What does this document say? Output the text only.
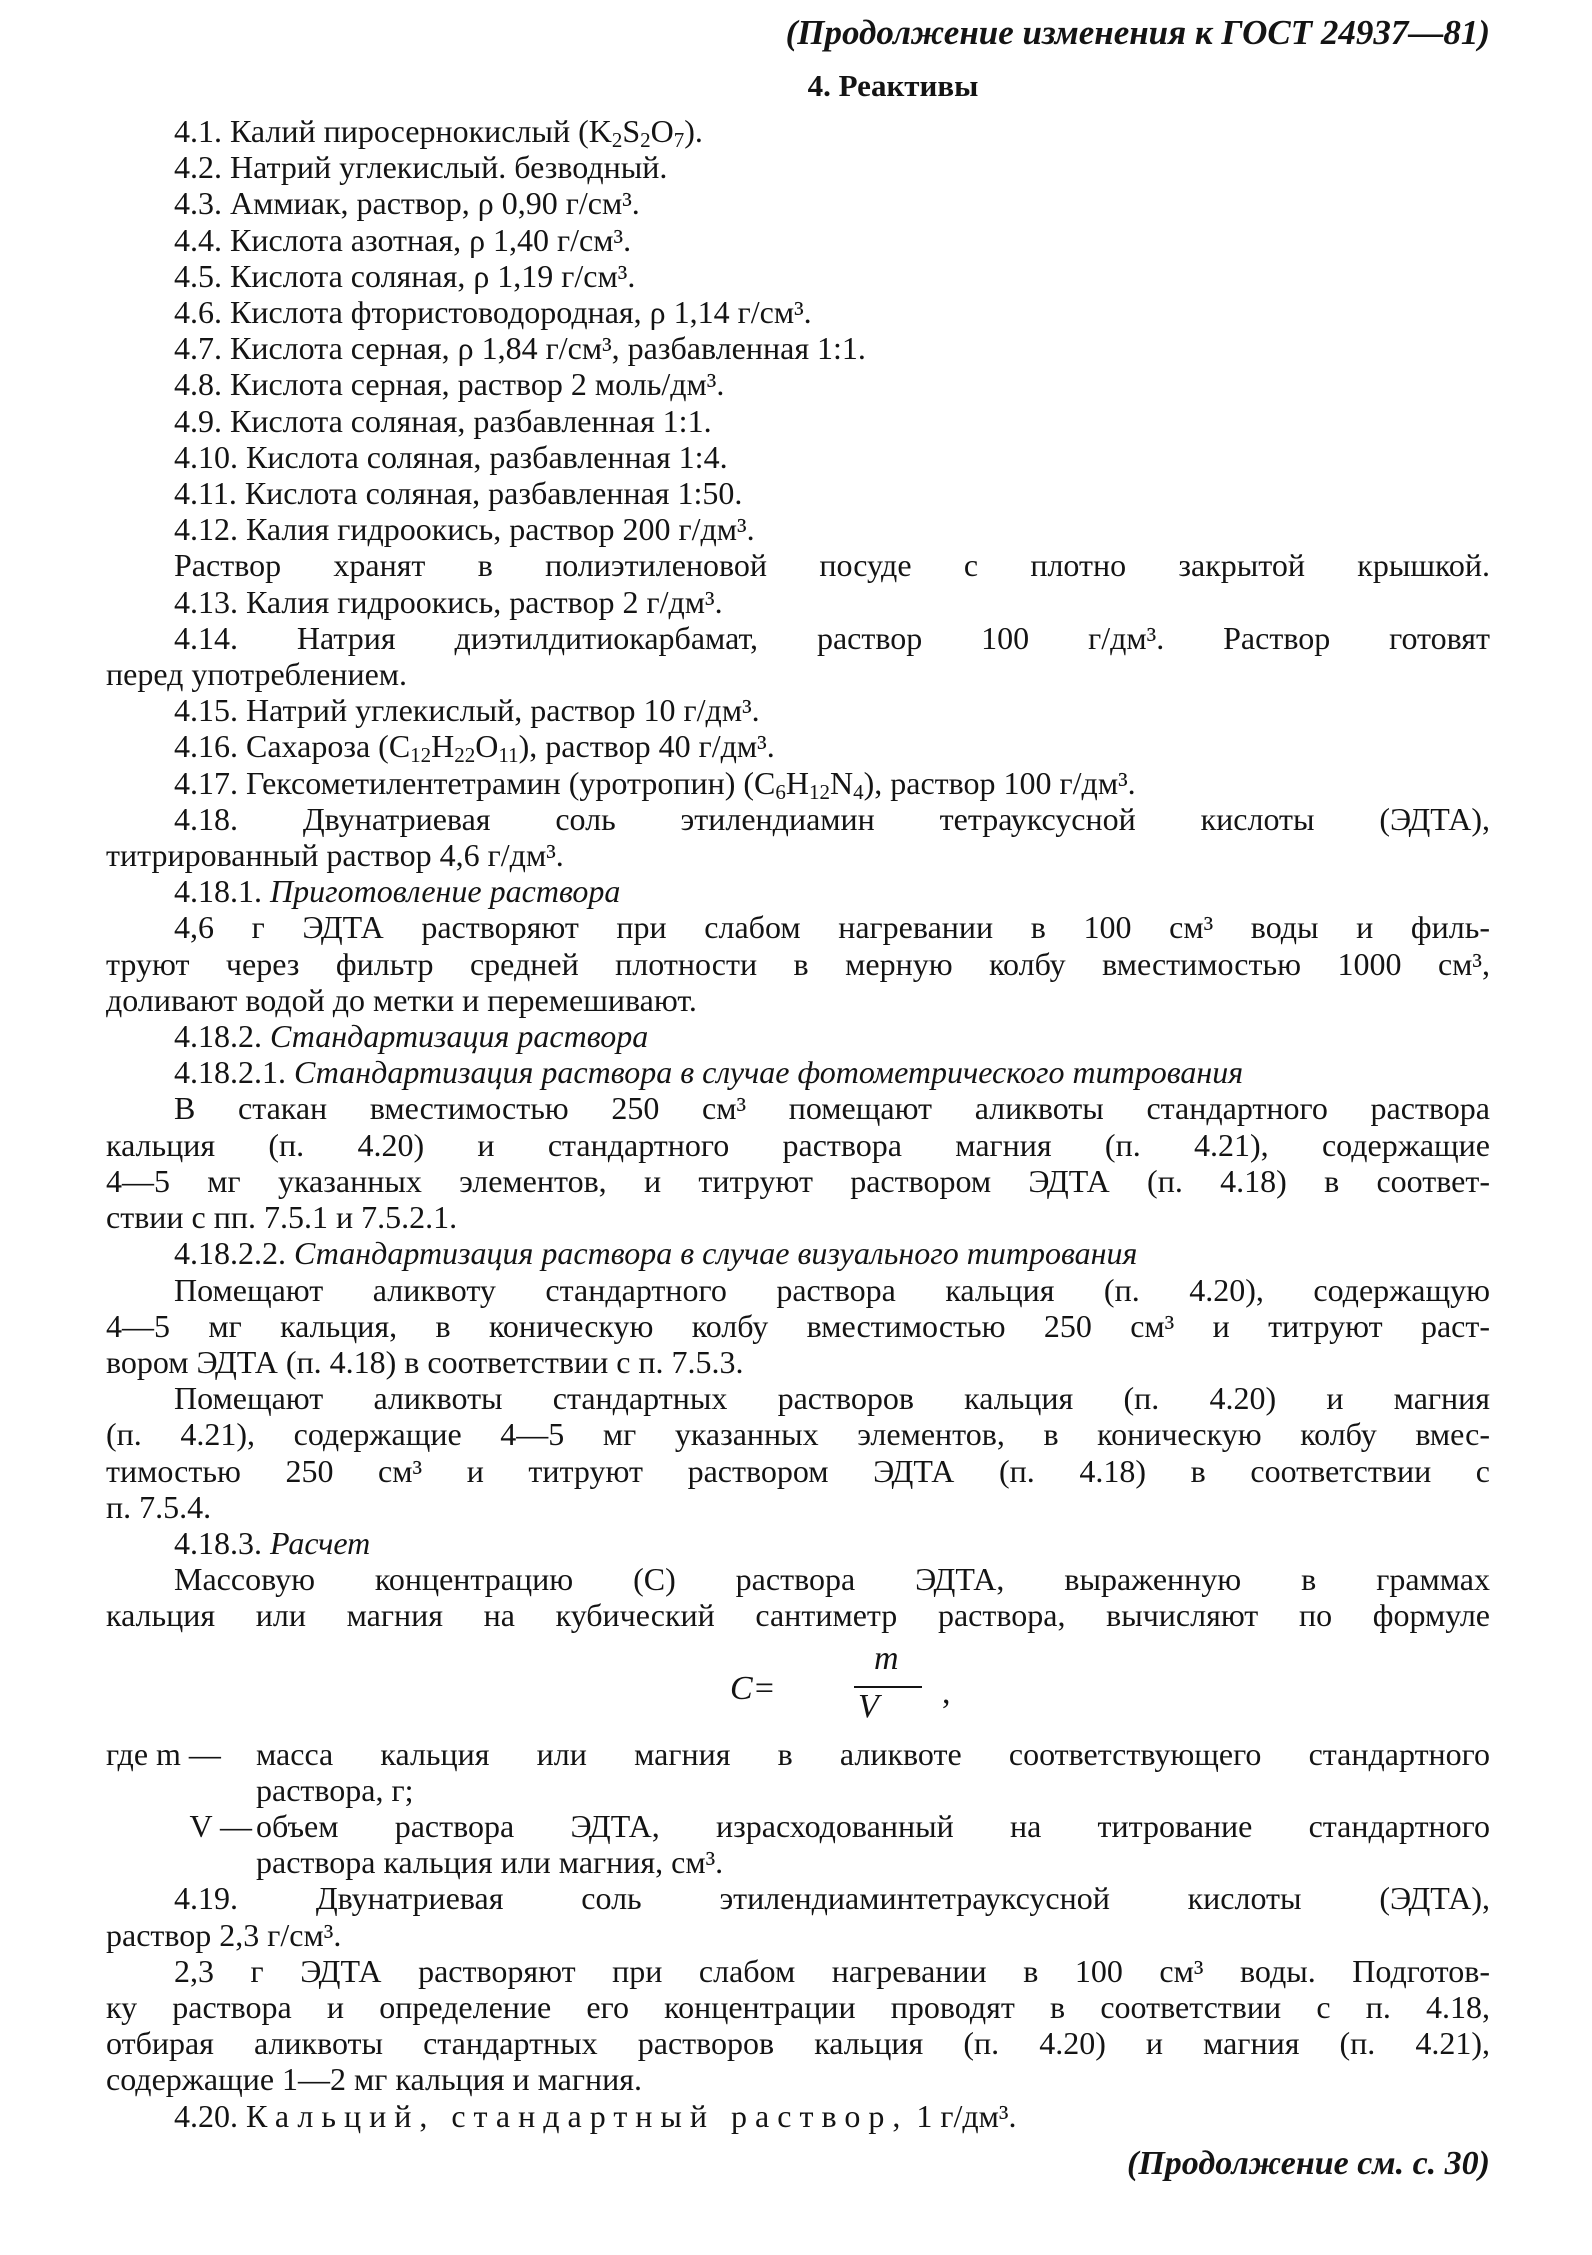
(Продолжение изменения к ГОСТ 24937—81)
4. Реактивы

4.1. Калий пиросернокислый $(K_2S_2O_7)$.

4.2. Натрий углекислый. безводный.

4.3. Аммиак, раствор, ρ 0,90 г/см³.

4.4. Кислота азотная, ρ 1,40 г/см³.

4.5. Кислота соляная, ρ 1,19 г/см³.

4.6. Кислота фтористоводородная, ρ 1,14 г/см³.

4.7. Кислота серная, ρ 1,84 г/см³, разбавленная 1:1.

4.8. Кислота серная, раствор 2 моль/дм³.

4.9. Кислота соляная, разбавленная 1:1.

4.10. Кислота соляная, разбавленная 1:4.

4.11. Кислота соляная, разбавленная 1:50.

4.12. Калия гидроокись, раствор 200 г/дм³.

Раствор хранят в полиэтиленовой посуде с плотно закрытой крышкой.

4.13. Калия гидроокись, раствор 2 г/дм³.

4.14. Натрия диэтилдитиокарбамат, раствор 100 г/дм³. Раствор готовят

перед употреблением.

4.15. Натрий углекислый, раствор 10 г/дм³.

4.16. Сахароза $(C_{12}H_{22}O_{11})$, раствор 40 г/дм³.

4.17. Гексометилентетрамин (уротропин) $(C_6H_{12}N_4)$, раствор 100 г/дм³.

4.18. Двунатриевая соль этилендиамин тетрауксусной кислоты (ЭДТА),

титрированный раствор 4,6 г/дм³.

4.18.1. Приготовление раствора

4,6 г ЭДТА растворяют при слабом нагревании в 100 см³ воды и филь-

труют через фильтр средней плотности в мерную колбу вместимостью 1000 см³,

доливают водой до метки и перемешивают.

4.18.2. Стандартизация раствора

4.18.2.1. Стандартизация раствора в случае фотометрического титрования

В стакан вместимостью 250 см³ помещают аликвоты стандартного раствора

кальция (п. 4.20) и стандартного раствора магния (п. 4.21), содержащие

4—5 мг указанных элементов, и титруют раствором ЭДТА (п. 4.18) в соответ-

ствии с пп. 7.5.1 и 7.5.2.1.

4.18.2.2. Стандартизация раствора в случае визуального титрования

Помещают аликвоту стандартного раствора кальция (п. 4.20), содержащую

4—5 мг кальция, в коническую колбу вместимостью 250 см³ и титруют раст-

вором ЭДТА (п. 4.18) в соответствии с п. 7.5.3.

Помещают аликвоты стандартных растворов кальция (п. 4.20) и магния

(п. 4.21), содержащие 4—5 мг указанных элементов, в коническую колбу вмес-

тимостью 250 см³ и титруют раствором ЭДТА (п. 4.18) в соответствии с

п. 7.5.4.

4.18.3. Расчет

Массовую концентрацию (C) раствора ЭДТА, выраженную в граммах

кальция или магния на кубический сантиметр раствора, вычисляют по формуле

C=
m
V ,
где m —	масса кальция или магния в аликвоте соответствующего стандартного
раствора, г;
V — объем раствора ЭДТА, израсходованный на титрование стандартного
раствора кальция или магния, см³.

4.19. Двунатриевая соль этилендиаминтетрауксусной кислоты (ЭДТА),

раствор 2,3 г/см³.

2,3 г ЭДТА растворяют при слабом нагревании в 100 см³ воды. Подготов-

ку раствора и определение его концентрации проводят в соответствии с п. 4.18,

отбирая аликвоты стандартных растворов кальция (п. 4.20) и магния (п. 4.21),

содержащие 1—2 мг кальция и магния.

4.20. Кальций, стандартный раствор, 1 г/дм³.

(Продолжение см. с. 30)
